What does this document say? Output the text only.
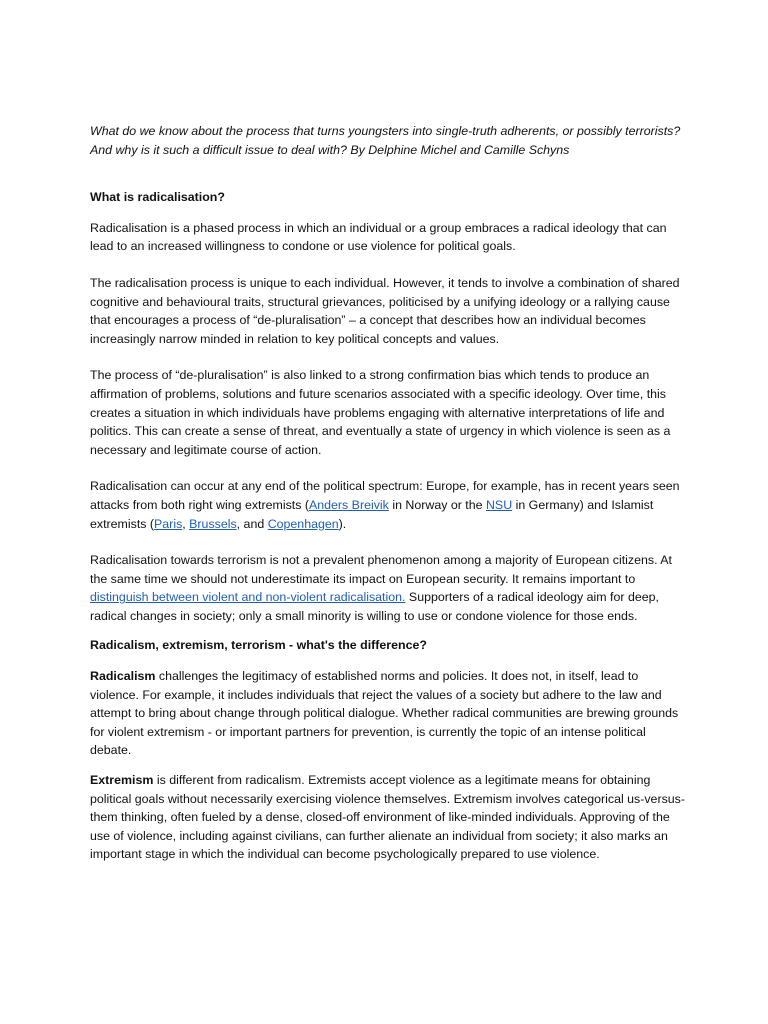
What do we know about the process that turns youngsters into single-truth adherents, or possibly terrorists? And why is it such a difficult issue to deal with? By Delphine Michel and Camille Schyns

What is radicalisation?

Radicalisation is a phased process in which an individual or a group embraces a radical ideology that can lead to an increased willingness to condone or use violence for political goals.

The radicalisation process is unique to each individual. However, it tends to involve a combination of shared cognitive and behavioural traits, structural grievances, politicised by a unifying ideology or a rallying cause that encourages a process of “de-pluralisation” – a concept that describes how an individual becomes increasingly narrow minded in relation to key political concepts and values.

The process of “de-pluralisation” is also linked to a strong confirmation bias which tends to produce an affirmation of problems, solutions and future scenarios associated with a specific ideology. Over time, this creates a situation in which individuals have problems engaging with alternative interpretations of life and politics. This can create a sense of threat, and eventually a state of urgency in which violence is seen as a necessary and legitimate course of action.

Radicalisation can occur at any end of the political spectrum: Europe, for example, has in recent years seen attacks from both right wing extremists (Anders Breivik in Norway or the NSU in Germany) and Islamist extremists (Paris, Brussels, and Copenhagen).

Radicalisation towards terrorism is not a prevalent phenomenon among a majority of European citizens. At the same time we should not underestimate its impact on European security. It remains important to distinguish between violent and non-violent radicalisation. Supporters of a radical ideology aim for deep, radical changes in society; only a small minority is willing to use or condone violence for those ends.

Radicalism, extremism, terrorism - what's the difference?

Radicalism challenges the legitimacy of established norms and policies. It does not, in itself, lead to violence. For example, it includes individuals that reject the values of a society but adhere to the law and attempt to bring about change through political dialogue. Whether radical communities are brewing grounds for violent extremism - or important partners for prevention, is currently the topic of an intense political debate.

Extremism is different from radicalism. Extremists accept violence as a legitimate means for obtaining political goals without necessarily exercising violence themselves. Extremism involves categorical us-versus-them thinking, often fueled by a dense, closed-off environment of like-minded individuals. Approving of the use of violence, including against civilians, can further alienate an individual from society; it also marks an important stage in which the individual can become psychologically prepared to use violence.
